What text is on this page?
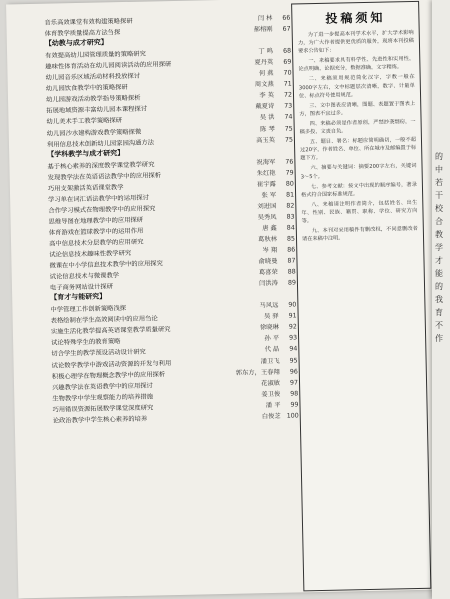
音乐高效课堂有效构建策略探研	闫 林	66
体育教学质量提高方法刍探	郝榕刚	67
【幼教与成才研究】
有效提高幼儿园管理质量的策略研究	丁 鸣	68
趣味性体育活动在幼儿园阅读活动的应用探研	夏丹英	69
幼儿园音乐区域活动材料投放探讨	何 燕	70
幼儿园饮食教学中的策略探研	周文燕	71
幼儿园游戏活动教学指导策略探析	李 英	72
拓展地域资源丰富幼儿园本课程探讨	戴夏诗	73
幼儿美术手工教学策略探研	吴 洪	74
幼儿园沙水建构游戏教学策略探微	陈 琴	75
利用信息技术创新幼儿园家园沟通方法	高玉英	75
【学科教学与成才研究】
基于核心素养的深度教学课堂教学研究	祝海军	76
发现教学法在英语语法教学中的应用探析	朱红艳	79
巧用支架激活英语课堂教学	崔宇露	80
学习单在词汇语法教学中的运用探讨	张 军	81
合作学习模式在物理教学中的应用探究	刘进国	82
思维导图在地理教学中的应用探研	吴秀凤	83
体育游戏在篮球教学中的运用作用	唐 鑫	84
高中信息技术分层教学的应用研究	葛秋林	85
试论信息技术趣味性教学研究	岑 翔	86
微课在中小学信息技术教学中的应用探究	俞晓曼	87
试论信息技术与微课教学	葛喜荣	88
电子商务网站设计探研	闫洪涛	89
【育才与能研究】
中学管理工作创新策略浅探	马风远	90
表格绘制在学生高效阅读中的应用刍论	吴 驿	91
实施生活化教学提高英语课堂教学质量研究	徐晓琳	92
试论特殊学生的教育策略	孙 平	93
切合学生的教学预设活动设计研究	代 晶	94
试论数学教学中游戏活动资源的开发与利用	潘卫飞	95
积极心理学在物理概念教学中的应用探析	郭东方，王春翔	96
兴趣教学法在英语教学中的应用探讨	花淑敏	97
生物教学中学生观察能力的培养措施	姜卫俊	98
巧用错误资源拓展数学课堂深度研究	潘 平	99
论政治教学中学生核心素养的培养	白俊芝 100
投稿须知

为了进一步提高本刊学术水平，扩大学术影响力，为广大作者提供更优质的服务，现将本刊投稿要求公告如下：

一、来稿要求具有科学性、先进性和实用性，论点明确，论据充分，数据准确，文字精炼。

二、来稿须用规范简化汉字，字数一般在3000字左右，文中标题层次清晰，数字、计量单位、标点符号使用规范。

三、文中图表应清晰，图题、表题置于图表上方，图表不宜过多。

四、来稿必须是作者原创，严禁抄袭剽窃，一稿多投，文责自负。

五、题目、署名：标题应简明确切，一般不超过20字，作者姓名、单位、所在城市及邮编置于标题下方。

六、摘要与关键词：摘要200字左右，关键词3～5个。

七、参考文献：按文中出现的顺序编号，著录格式符合国家标准规范。

八、来稿请注明作者简介，包括姓名、出生年、性别、民族、籍贯、职称、学位、研究方向等。

九、本刊对采用稿件有删改权，不同意删改者请在来稿中注明。

的中若干校合教学才能的我育不作
